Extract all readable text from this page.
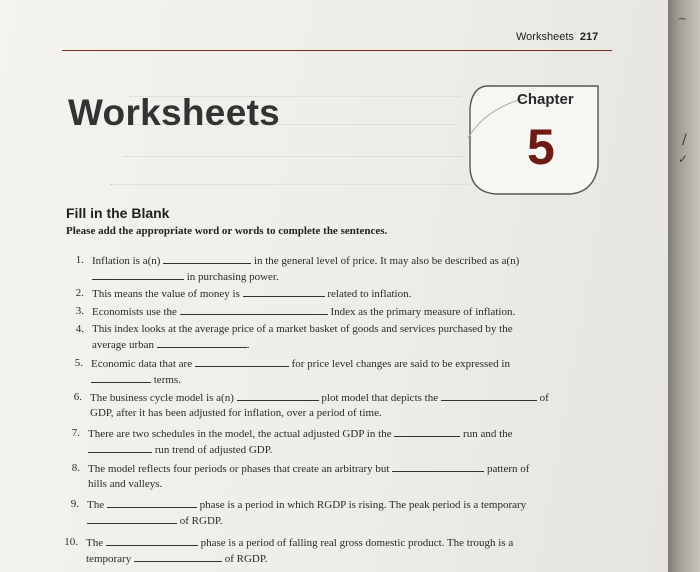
Worksheets 217
Worksheets	Chapter
5
Fill in the Blank
Please add the appropriate word or words to complete the sentences.
1. Inflation is a(n)	in the general level of price. It may also be described as a(n)
in purchasing power.
2. This means the value of money is	related to inflation.
3. Economists use the	Index as the primary measure of inflation.
4. This index looks at the average price of a market basket of goods and services purchased by the
average urban	.
5. Economic data that are	for price level changes are said to be expressed in
terms.
6. The business cycle model is a(n)	plot model that depicts the	of
GDP, after it has been adjusted for inflation, over a period of time.
7. There are two schedules in the model, the actual adjusted GDP in the	run and the
run trend of adjusted GDP.
8. The model reflects four periods or phases that create an arbitrary but	pattern of
hills and valleys.
9. The	phase is a period in which RGDP is rising. The peak period is a temporary
of RGDP.
10. The	phase is a period of falling real gross domestic product. The trough is a
temporary	of RGDP.
~
/
✓
